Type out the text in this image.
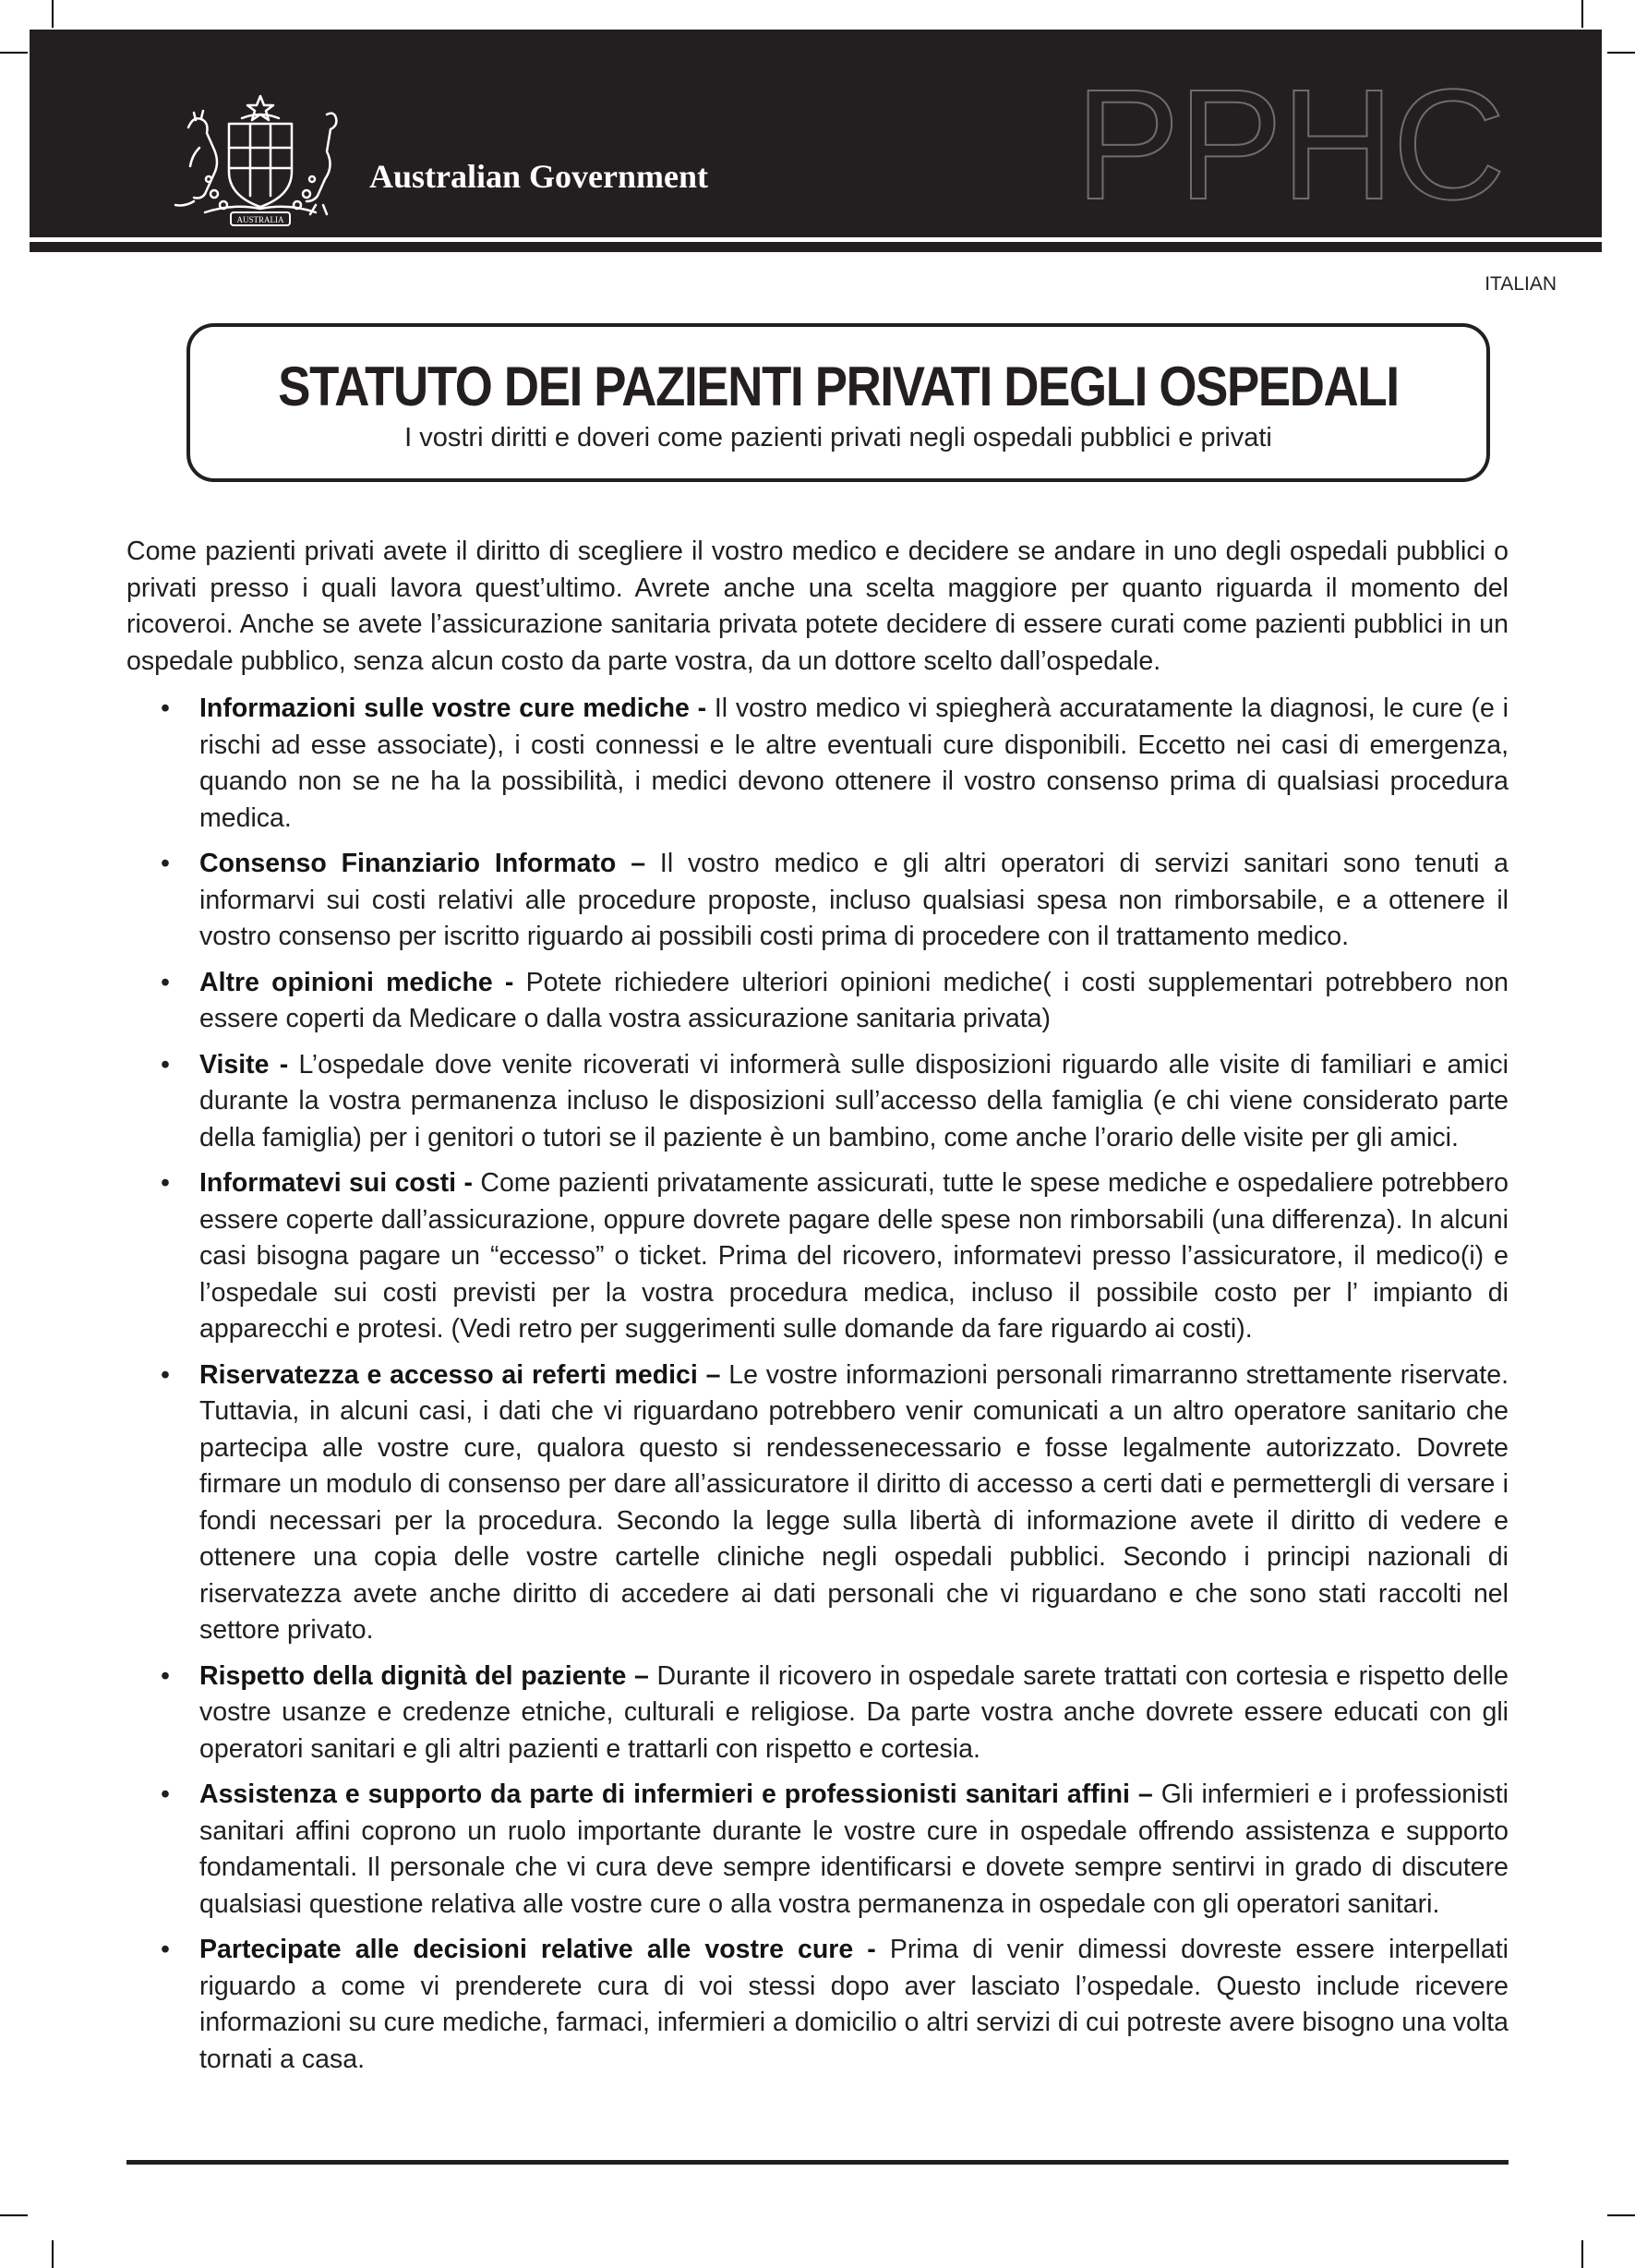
AUSTRALIA
Australian Government PPHC
ITALIAN
STATUTO DEI PAZIENTI PRIVATI DEGLI OSPEDALI
I vostri diritti e doveri come pazienti privati negli ospedali pubblici e privati

Come pazienti privati avete il diritto di scegliere il vostro medico e decidere se andare in uno degli ospedali pubblici o privati presso i quali lavora quest’ultimo. Avrete anche una scelta maggiore per quanto riguarda il momento del ricoveroi. Anche se avete l’assicurazione sanitaria privata potete decidere di essere curati come pazienti pubblici in un ospedale pubblico, senza alcun costo da parte vostra, da un dottore scelto dall’ospedale.

• Informazioni sulle vostre cure mediche - Il vostro medico vi spiegherà accuratamente la diagnosi, le cure (e i rischi ad esse associate), i costi connessi e le altre eventuali cure disponibili. Eccetto nei casi di emergenza, quando non se ne ha la possibilità, i medici devono ottenere il vostro consenso prima di qualsiasi procedura medica.
• Consenso Finanziario Informato – Il vostro medico e gli altri operatori di servizi sanitari sono tenuti a informarvi sui costi relativi alle procedure proposte, incluso qualsiasi spesa non rimborsabile, e a ottenere il vostro consenso per iscritto riguardo ai possibili costi prima di procedere con il trattamento medico.
• Altre opinioni mediche - Potete richiedere ulteriori opinioni mediche( i costi supplementari potrebbero non essere coperti da Medicare o dalla vostra assicurazione sanitaria privata)
• Visite - L’ospedale dove venite ricoverati vi informerà sulle disposizioni riguardo alle visite di familiari e amici durante la vostra permanenza incluso le disposizioni sull’accesso della famiglia (e chi viene considerato parte della famiglia) per i genitori o tutori se il paziente è un bambino, come anche l’orario delle visite per gli amici.
• Informatevi sui costi - Come pazienti privatamente assicurati, tutte le spese mediche e ospedaliere potrebbero essere coperte dall’assicurazione, oppure dovrete pagare delle spese non rimborsabili (una differenza). In alcuni casi bisogna pagare un “eccesso” o ticket. Prima del ricovero, informatevi presso l’assicuratore, il medico(i) e l’ospedale sui costi previsti per la vostra procedura medica, incluso il possibile costo per l’ impianto di apparecchi e protesi. (Vedi retro per suggerimenti sulle domande da fare riguardo ai costi).
• Riservatezza e accesso ai referti medici – Le vostre informazioni personali rimarranno strettamente riservate. Tuttavia, in alcuni casi, i dati che vi riguardano potrebbero venir comunicati a un altro operatore sanitario che partecipa alle vostre cure, qualora questo si rendessenecessario e fosse legalmente autorizzato. Dovrete firmare un modulo di consenso per dare all’assicuratore il diritto di accesso a certi dati e permettergli di versare i fondi necessari per la procedura. Secondo la legge sulla libertà di informazione avete il diritto di vedere e ottenere una copia delle vostre cartelle cliniche negli ospedali pubblici. Secondo i principi nazionali di riservatezza avete anche diritto di accedere ai dati personali che vi riguardano e che sono stati raccolti nel settore privato.
• Rispetto della dignità del paziente – Durante il ricovero in ospedale sarete trattati con cortesia e rispetto delle vostre usanze e credenze etniche, culturali e religiose. Da parte vostra anche dovrete essere educati con gli operatori sanitari e gli altri pazienti e trattarli con rispetto e cortesia.
• Assistenza e supporto da parte di infermieri e professionisti sanitari affini – Gli infermieri e i professionisti sanitari affini coprono un ruolo importante durante le vostre cure in ospedale offrendo assistenza e supporto fondamentali. Il personale che vi cura deve sempre identificarsi e dovete sempre sentirvi in grado di discutere qualsiasi questione relativa alle vostre cure o alla vostra permanenza in ospedale con gli operatori sanitari.
• Partecipate alle decisioni relative alle vostre cure - Prima di venir dimessi dovreste essere interpellati riguardo a come vi prenderete cura di voi stessi dopo aver lasciato l’ospedale. Questo include ricevere informazioni su cure mediche, farmaci, infermieri a domicilio o altri servizi di cui potreste avere bisogno una volta tornati a casa.
